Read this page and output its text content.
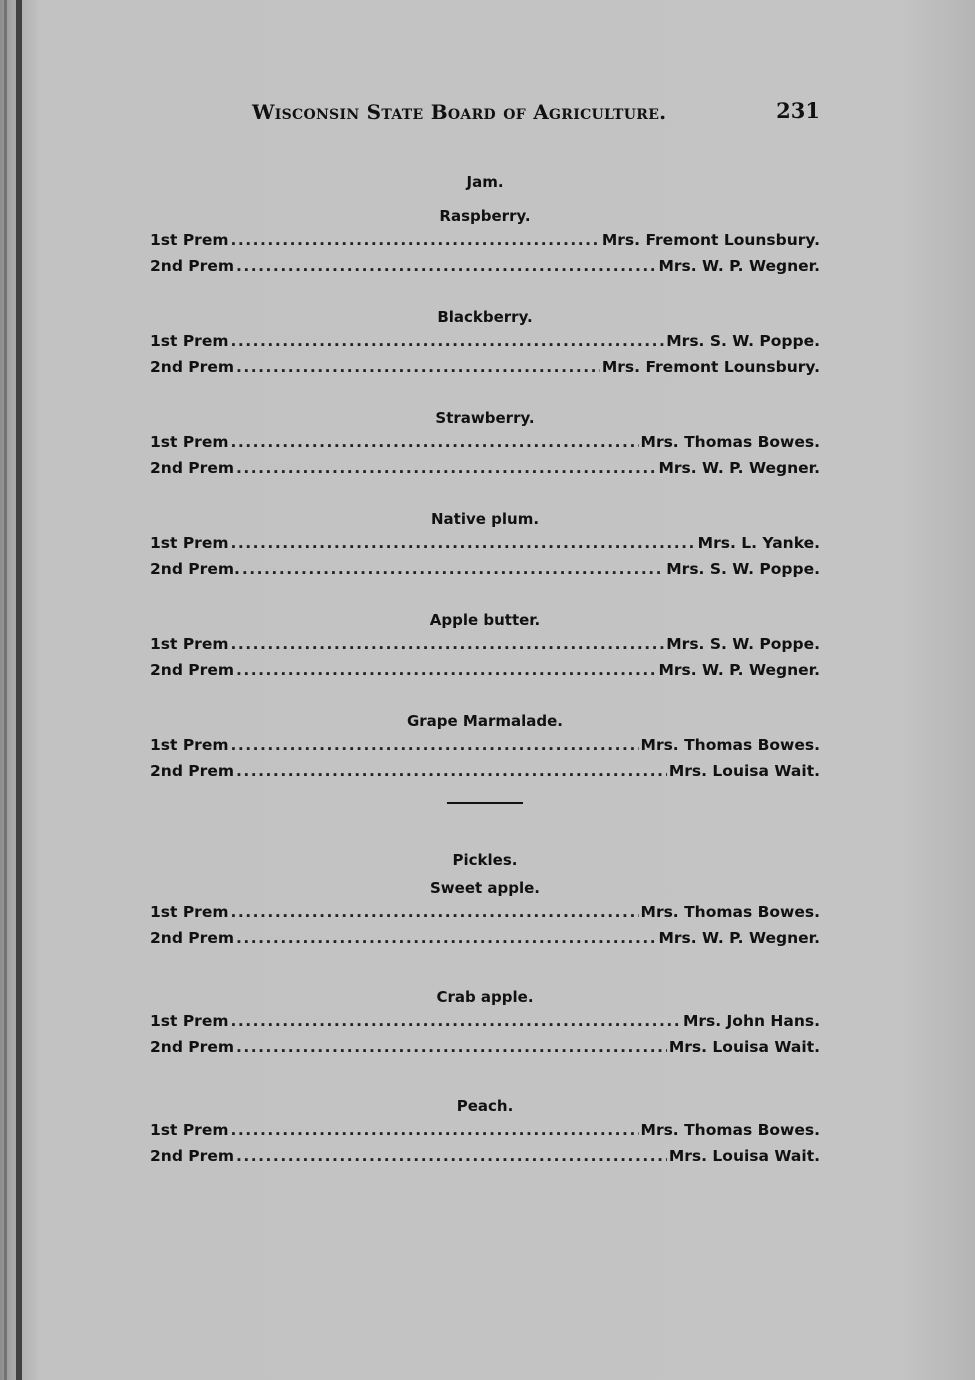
Wisconsin State Board of Agriculture.	231
Jam.
Raspberry.
1st Prem .....	Mrs. Fremont Lounsbury.
2nd Prem .....	Mrs. W. P. Wegner.
Blackberry.
1st Prem .....	Mrs. S. W. Poppe.
2nd Prem .....	Mrs. Fremont Lounsbury.
Strawberry.
1st Prem .....	Mrs. Thomas Bowes.
2nd Prem .....	Mrs. W. P. Wegner.
Native plum.
1st Prem .....	Mrs. L. Yanke.
2nd Prem. .....	Mrs. S. W. Poppe.
Apple butter.
1st Prem .....	Mrs. S. W. Poppe.
2nd Prem .....	Mrs. W. P. Wegner.
Grape Marmalade.
1st Prem .....	Mrs. Thomas Bowes.
2nd Prem .....	Mrs. Louisa Wait.
Pickles.
Sweet apple.
1st Prem .....	Mrs. Thomas Bowes.
2nd Prem .....	Mrs. W. P. Wegner.
Crab apple.
1st Prem .....	Mrs. John Hans.
2nd Prem .....	Mrs. Louisa Wait.
Peach.
1st Prem .....	Mrs. Thomas Bowes.
2nd Prem .....	Mrs. Louisa Wait.
